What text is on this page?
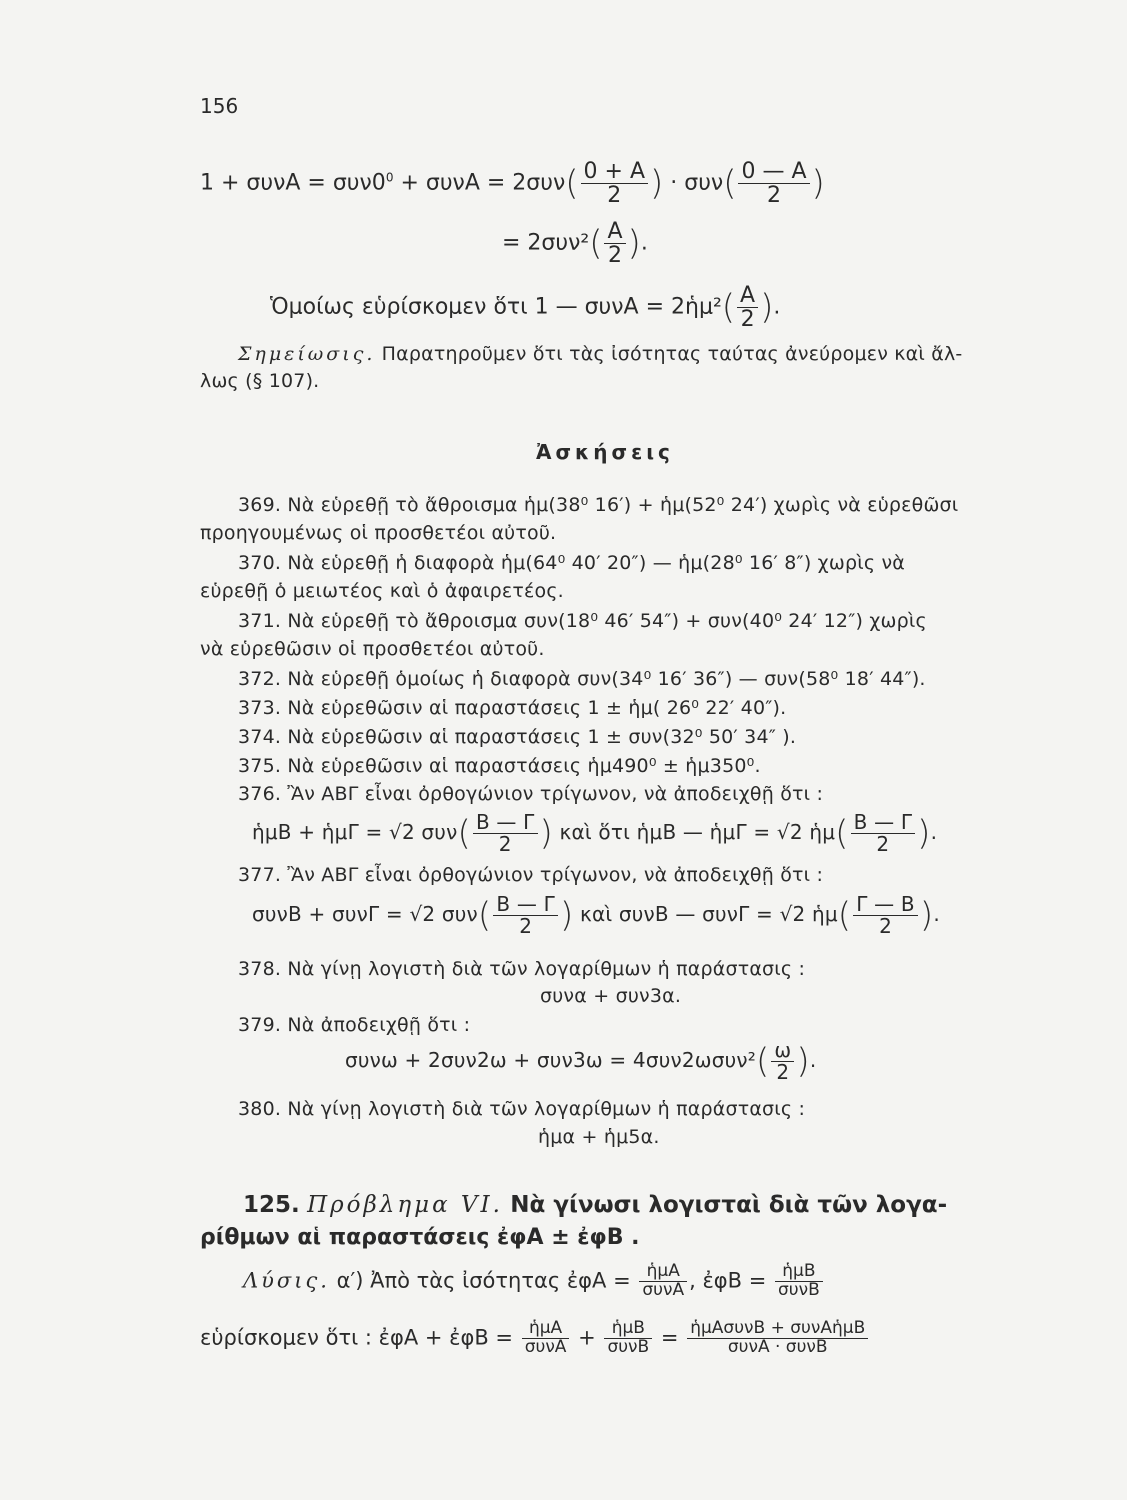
156
$1 + \sigma\upsilon\nu A = \sigma\upsilon\nu 0^0 + \sigma\upsilon\nu A = 2\sigma\upsilon\nu( \frac{0 + A}{2}$ ) · $\sigma\upsilon\nu( \frac{0 — A}{2}$ )
= $2\sigma\upsilon\nu^2( \frac{A}{2}$ ).
Ὁμοίως εὑρίσκομεν ὅτι 1 — συνA = 2ἡμ²( $\frac{A}{2}$ ).
Σημείωσις. Παρατηροῦμεν ὅτι τὰς ἰσότητας ταύτας ἀνεύρομεν καὶ ἄλ-
λως (§ 107).
Ἀσκήσεις
369. Νὰ εὑρεθῇ τὸ ἄθροισμα ἡμ(38⁰ 16′) + ἡμ(52⁰ 24′) χωρὶς νὰ εὑρεθῶσι
προηγουμένως οἱ προσθετέοι αὐτοῦ.
370. Νὰ εὑρεθῇ ἡ διαφορὰ ἡμ(64⁰ 40′ 20″) — ἡμ(28⁰ 16′ 8″) χωρὶς νὰ
εὑρεθῇ ὁ μειωτέος καὶ ὁ ἀφαιρετέος.
371. Νὰ εὑρεθῇ τὸ ἄθροισμα συν(18⁰ 46′ 54″) + συν(40⁰ 24′ 12″) χωρὶς
νὰ εὑρεθῶσιν οἱ προσθετέοι αὐτοῦ.
372. Νὰ εὑρεθῇ ὁμοίως ἡ διαφορὰ συν(34⁰ 16′ 36″) — συν(58⁰ 18′ 44″).
373. Νὰ εὑρεθῶσιν αἱ παραστάσεις 1 ± ἡμ( 26⁰ 22′ 40″).
374. Νὰ εὑρεθῶσιν αἱ παραστάσεις 1 ± συν(32⁰ 50′ 34″ ).
375. Νὰ εὑρεθῶσιν αἱ παραστάσεις ἡμ490⁰ ± ἡμ350⁰.
376. Ἂν ΑΒΓ εἶναι ὀρθογώνιον τρίγωνον, νὰ ἀποδειχθῇ ὅτι :
ἡμB + ἡμΓ = √2 $\sigma\upsilon\nu( \frac{B — \Gamma}{2}$ ) καὶ ὅτι ἡμB — ἡμΓ = √2 ἡμ( $\frac{B — \Gamma}{2}$ ).
377. Ἂν ΑΒΓ εἶναι ὀρθογώνιον τρίγωνον, νὰ ἀποδειχθῇ ὅτι :
συνB + συνΓ = √2 $\sigma\upsilon\nu( \frac{B — \Gamma}{2}$ ) καὶ συνB — συνΓ = √2 ἡμ( $\frac{\Gamma — B}{2}$ ).
378. Νὰ γίνῃ λογιστὴ διὰ τῶν λογαρίθμων ἡ παράστασις :
συνα + συν3α.
379. Νὰ ἀποδειχθῇ ὅτι :
$\sigma\upsilon\nu\omega + 2\sigma\upsilon\nu 2\omega + \sigma\upsilon\nu 3\omega = 4\sigma\upsilon\nu 2\omega\sigma\upsilon\nu^2( \frac{\omega}{2}$ ).
380. Νὰ γίνῃ λογιστὴ διὰ τῶν λογαρίθμων ἡ παράστασις :
ἡμα + ἡμ5α.
125. Πρόβλημα VI. Νὰ γίνωσι λογισταὶ διὰ τῶν λογα-
ρίθμων αἱ παραστάσεις ἐφA ± ἐφB .
Λύσις. α′) Ἀπὸ τὰς ἰσότητας ἐφA = $\frac{\text{ἡμA}}{\text{συνA}}$ , ἐφB = $\frac{\text{ἡμB}}{\text{συνB}}$
εὑρίσκομεν ὅτι : ἐφA + ἐφB = $\frac{\text{ἡμA}}{\text{συνA}} + \frac{\text{ἡμB}}{\text{συνB}} = \frac{\text{ἡμAσυνB + συνAἡμB}}{\text{συνA · συνB}}$
